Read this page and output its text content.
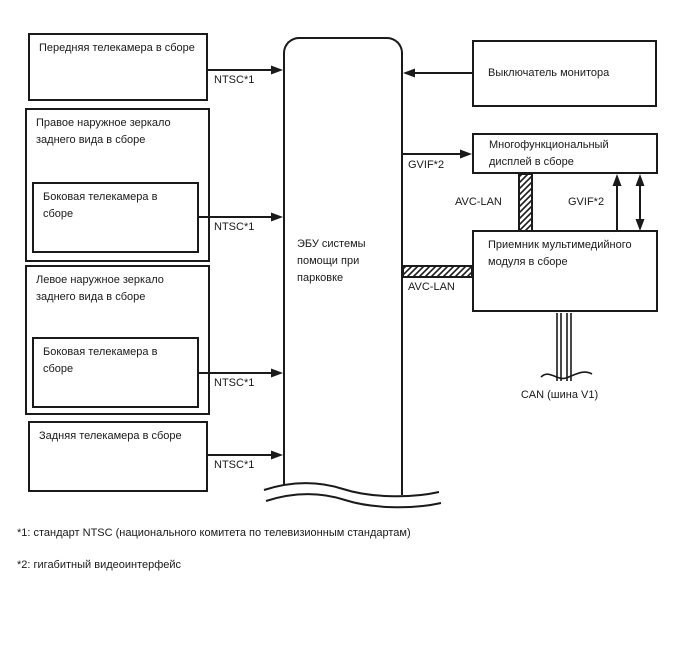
Передняя телекамера в сборе
Правое наружное зеркало заднего вида в сборе
Боковая телекамера в сборе
Левое наружное зеркало заднего вида в сборе
Боковая телекамера в сборе
Задняя телекамера в сборе
ЭБУ системы помощи при парковке
Выключатель монитора
Многофункциональный дисплей в сборе
Приемник мультимедийного модуля в сборе
NTSC*1
NTSC*1
NTSC*1
NTSC*1
GVIF*2
AVC-LAN	GVIF*2
AVC-LAN
CAN (шина V1)
*1: стандарт NTSC (национального комитета по телевизионным стандартам)
*2: гигабитный видеоинтерфейс
